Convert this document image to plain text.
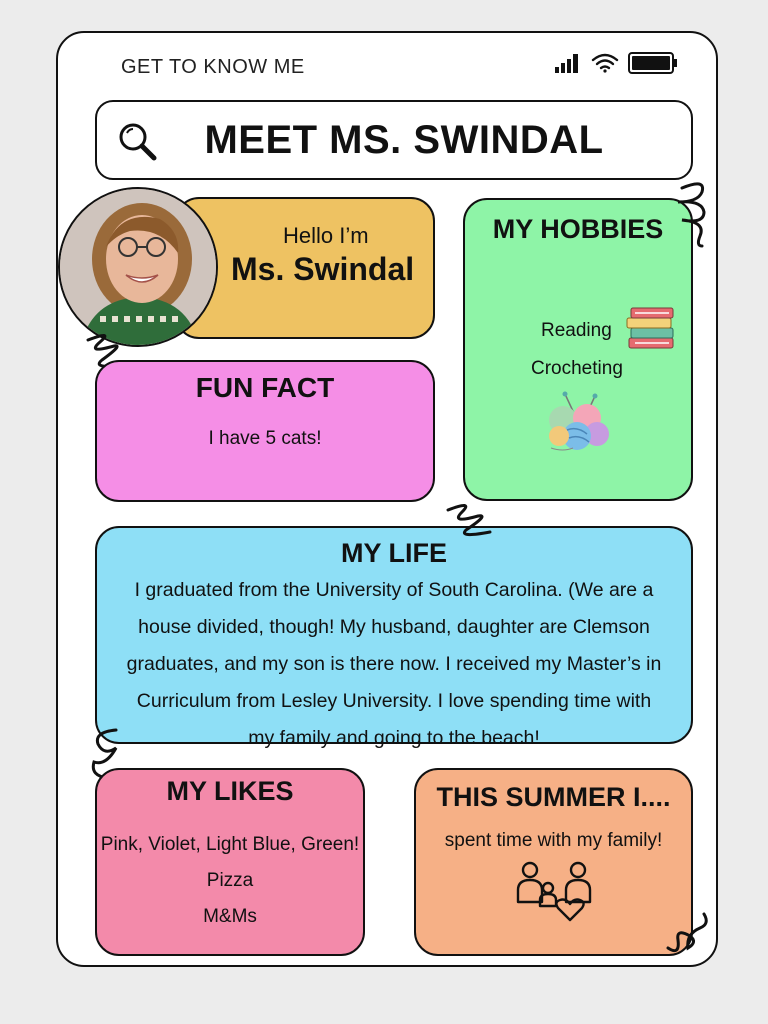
GET TO KNOW ME
MEET MS. SWINDAL
Hello I’m
Ms. Swindal
FUN FACT
I have 5 cats!
MY HOBBIES
Reading
Crocheting
MY LIFE
I graduated from the University of South Carolina. (We are a
house divided, though! My husband, daughter are Clemson
graduates, and my son is there now. I received my Master’s in
Curriculum from Lesley University. I love spending time with
my family and going to the beach!
MY LIKES
Pink, Violet, Light Blue, Green!
Pizza
M&Ms
THIS SUMMER I....
spent time with my family!
